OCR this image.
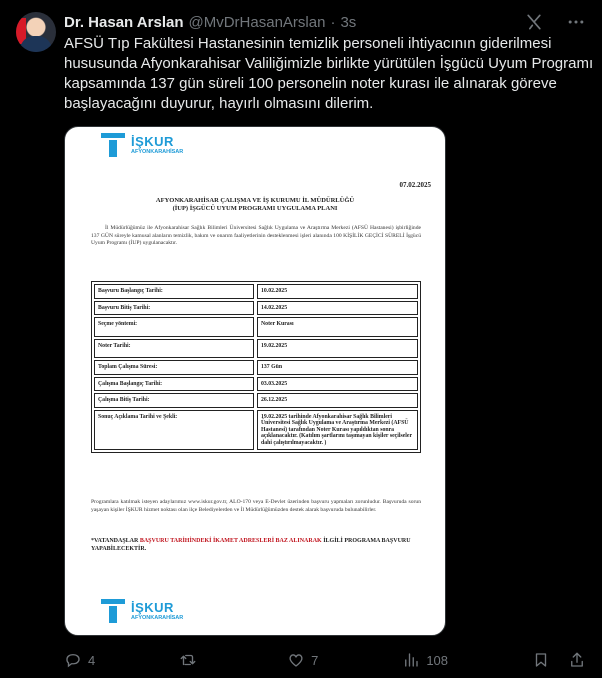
Dr. Hasan Arslan @MvDrHasanArslan · 3s
AFSÜ Tıp Fakültesi Hastanesinin temizlik personeli ihtiyacının giderilmesi hususunda Afyonkarahisar Valiliğimizle birlikte yürütülen İşgücü Uyum Programı kapsamında 137 gün süreli 100 personelin noter kurası ile alınarak göreve başlayacağını duyurur, hayırlı olmasını dilerim.
İŞKUR
AFYONKARAHİSAR
07.02.2025
AFYONKARAHİSAR ÇALIŞMA VE İŞ KURUMU İL MÜDÜRLÜĞÜ
(İUP) İŞGÜCÜ UYUM PROGRAMI UYGULAMA PLANI
İl Müdürlüğümüz ile Afyonkarahisar Sağlık Bilimleri Üniversitesi Sağlık Uygulama ve Araştırma Merkezi (AFSÜ Hastanesi) işbirliğinde 137 GÜN süreyle kamusal alanların temizlik, bakım ve onarım faaliyetlerinin desteklenmesi işleri alanında 100 KİŞİLİK GEÇİCİ SÜRELİ İşgücü Uyum Programı (İUP) uygulanacaktır.
Başvuru Başlangıç Tarihi:	10.02.2025
Başvuru Bitiş Tarihi:	14.02.2025
Seçme yöntemi:	Noter Kurası
Noter Tarihi:	19.02.2025
Toplam Çalışma Süresi:	137 Gün
Çalışma Başlangıç Tarihi:	03.03.2025
Çalışma Bitiş Tarihi:	26.12.2025
Sonuç Açıklama Tarihi ve Şekli:	19.02.2025 tarihinde Afyonkarahisar Sağlık Bilimleri Üniversitesi Sağlık Uygulama ve Araştırma Merkezi (AFSÜ Hastanesi) tarafından Noter Kurası yapıldıktan sonra açıklanacaktır. (Katılım şartlarını taşımayan kişiler seçilseler dahi çalıştırılmayacaktır. )
Programlara katılmak isteyen adaylarımız www.iskur.gov.tr, ALO-170 veya E-Devlet üzerinden başvuru yapmaları zorunludur. Başvuruda sorun yaşayan kişiler İŞKUR hizmet noktası olan ilçe Belediyelerden ve İl Müdürlüğümüzden destek alarak başvuruda bulunabilirler.
*VATANDAŞLAR BAŞVURU TARİHİNDEKİ İKAMET ADRESLERİ BAZ ALINARAK İLGİLİ PROGRAMA BAŞVURU YAPABİLECEKTİR.
İŞKUR
AFYONKARAHİSAR
4	7	108
